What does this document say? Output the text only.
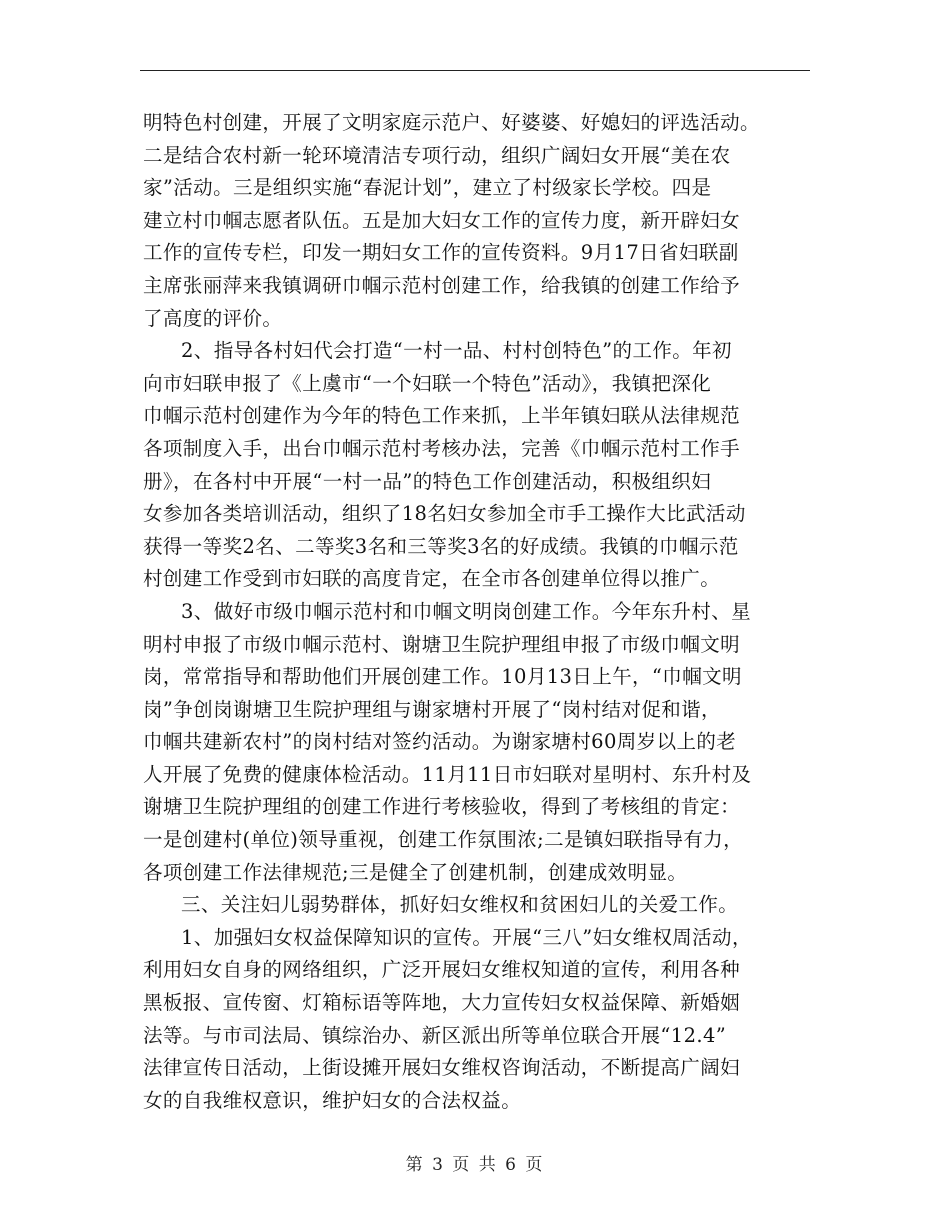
明特色村创建，开展了文明家庭示范户、好婆婆、好媳妇的评选活动。
二是结合农村新一轮环境清洁专项行动，组织广阔妇女开展“美在农
家”活动。三是组织实施“春泥计划”，建立了村级家长学校。四是
建立村巾帼志愿者队伍。五是加大妇女工作的宣传力度，新开辟妇女
工作的宣传专栏，印发一期妇女工作的宣传资料。9月17日省妇联副
主席张丽萍来我镇调研巾帼示范村创建工作，给我镇的创建工作给予
了高度的评价。
2、指导各村妇代会打造“一村一品、村村创特色”的工作。年初
向市妇联申报了《上虞市“一个妇联一个特色”活动》，我镇把深化
巾帼示范村创建作为今年的特色工作来抓，上半年镇妇联从法律规范
各项制度入手，出台巾帼示范村考核办法，完善《巾帼示范村工作手
册》，在各村中开展“一村一品”的特色工作创建活动，积极组织妇
女参加各类培训活动，组织了18名妇女参加全市手工操作大比武活动
获得一等奖2名、二等奖3名和三等奖3名的好成绩。我镇的巾帼示范
村创建工作受到市妇联的高度肯定，在全市各创建单位得以推广。
3、做好市级巾帼示范村和巾帼文明岗创建工作。今年东升村、星
明村申报了市级巾帼示范村、谢塘卫生院护理组申报了市级巾帼文明
岗，常常指导和帮助他们开展创建工作。10月13日上午，“巾帼文明
岗”争创岗谢塘卫生院护理组与谢家塘村开展了“岗村结对促和谐，
巾帼共建新农村”的岗村结对签约活动。为谢家塘村60周岁以上的老
人开展了免费的健康体检活动。11月11日市妇联对星明村、东升村及
谢塘卫生院护理组的创建工作进行考核验收，得到了考核组的肯定：
一是创建村(单位)领导重视，创建工作氛围浓;二是镇妇联指导有力，
各项创建工作法律规范;三是健全了创建机制，创建成效明显。
三、关注妇儿弱势群体，抓好妇女维权和贫困妇儿的关爱工作。
1、加强妇女权益保障知识的宣传。开展“三八”妇女维权周活动，
利用妇女自身的网络组织，广泛开展妇女维权知道的宣传，利用各种
黑板报、宣传窗、灯箱标语等阵地，大力宣传妇女权益保障、新婚姻
法等。与市司法局、镇综治办、新区派出所等单位联合开展“12.4”
法律宣传日活动，上街设摊开展妇女维权咨询活动，不断提高广阔妇
女的自我维权意识，维护妇女的合法权益。
第 3 页 共 6 页
